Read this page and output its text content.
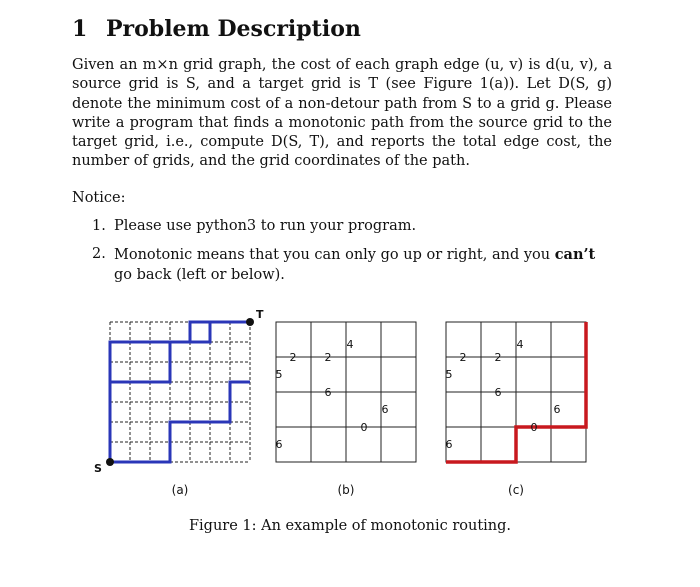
1 Problem Description

Given an m×n grid graph, the cost of each graph edge (u, v) is d(u, v), a source grid is S, and a target grid is T (see Figure 1(a)). Let D(S, g) denote the minimum cost of a non-detour path from S to a grid g. Please write a program that finds a monotonic path from the source grid to the target grid, i.e., compute D(S, T), and reports the total edge cost, the number of grids, and the grid coordinates of the path.

Notice:

1. Please use python3 to run your program.
2. Monotonic means that you can only go up or right, and you can’t go back (left or below).
S
T
(a)
4
2	2
5
6
6
0
6
(b)
4
2	2
5
6
6
0
6
(c)

Figure 1: An example of monotonic routing.
